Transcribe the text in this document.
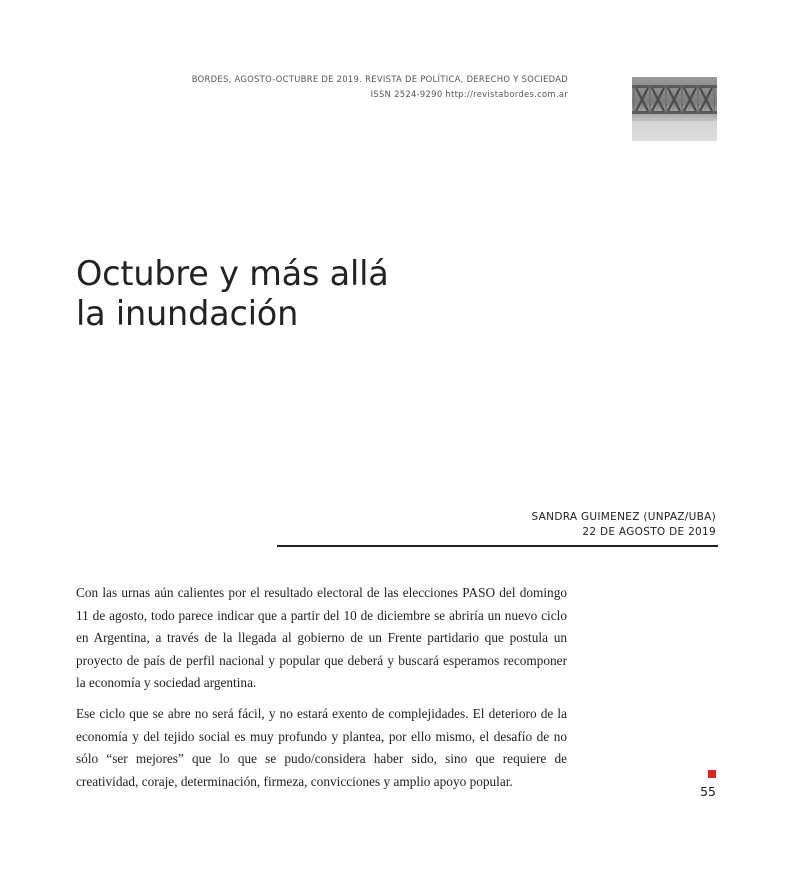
BORDES, AGOSTO-OCTUBRE DE 2019. REVISTA DE POLÍTICA, DERECHO Y SOCIEDAD
ISSN 2524-9290 http://revistabordes.com.ar
Octubre y más allá
la inundación
SANDRA GUIMENEZ (UNPAZ/UBA)
22 DE AGOSTO DE 2019

Con las urnas aún calientes por el resultado electoral de las elecciones PASO del domingo 11 de agosto, todo parece indicar que a partir del 10 de diciembre se abriría un nuevo ciclo en Argentina, a través de la llegada al gobierno de un Frente partidario que postula un proyecto de país de perfil nacional y popular que deberá y buscará esperamos recomponer la economía y sociedad argentina.

Ese ciclo que se abre no será fácil, y no estará exento de complejidades. El deterioro de la economía y del tejido social es muy profundo y plantea, por ello mismo, el desafío de no sólo “ser mejores” que lo que se pudo/considera haber sido, sino que requiere de creatividad, coraje, determinación, firmeza, convicciones y amplio apoyo popular.

55
